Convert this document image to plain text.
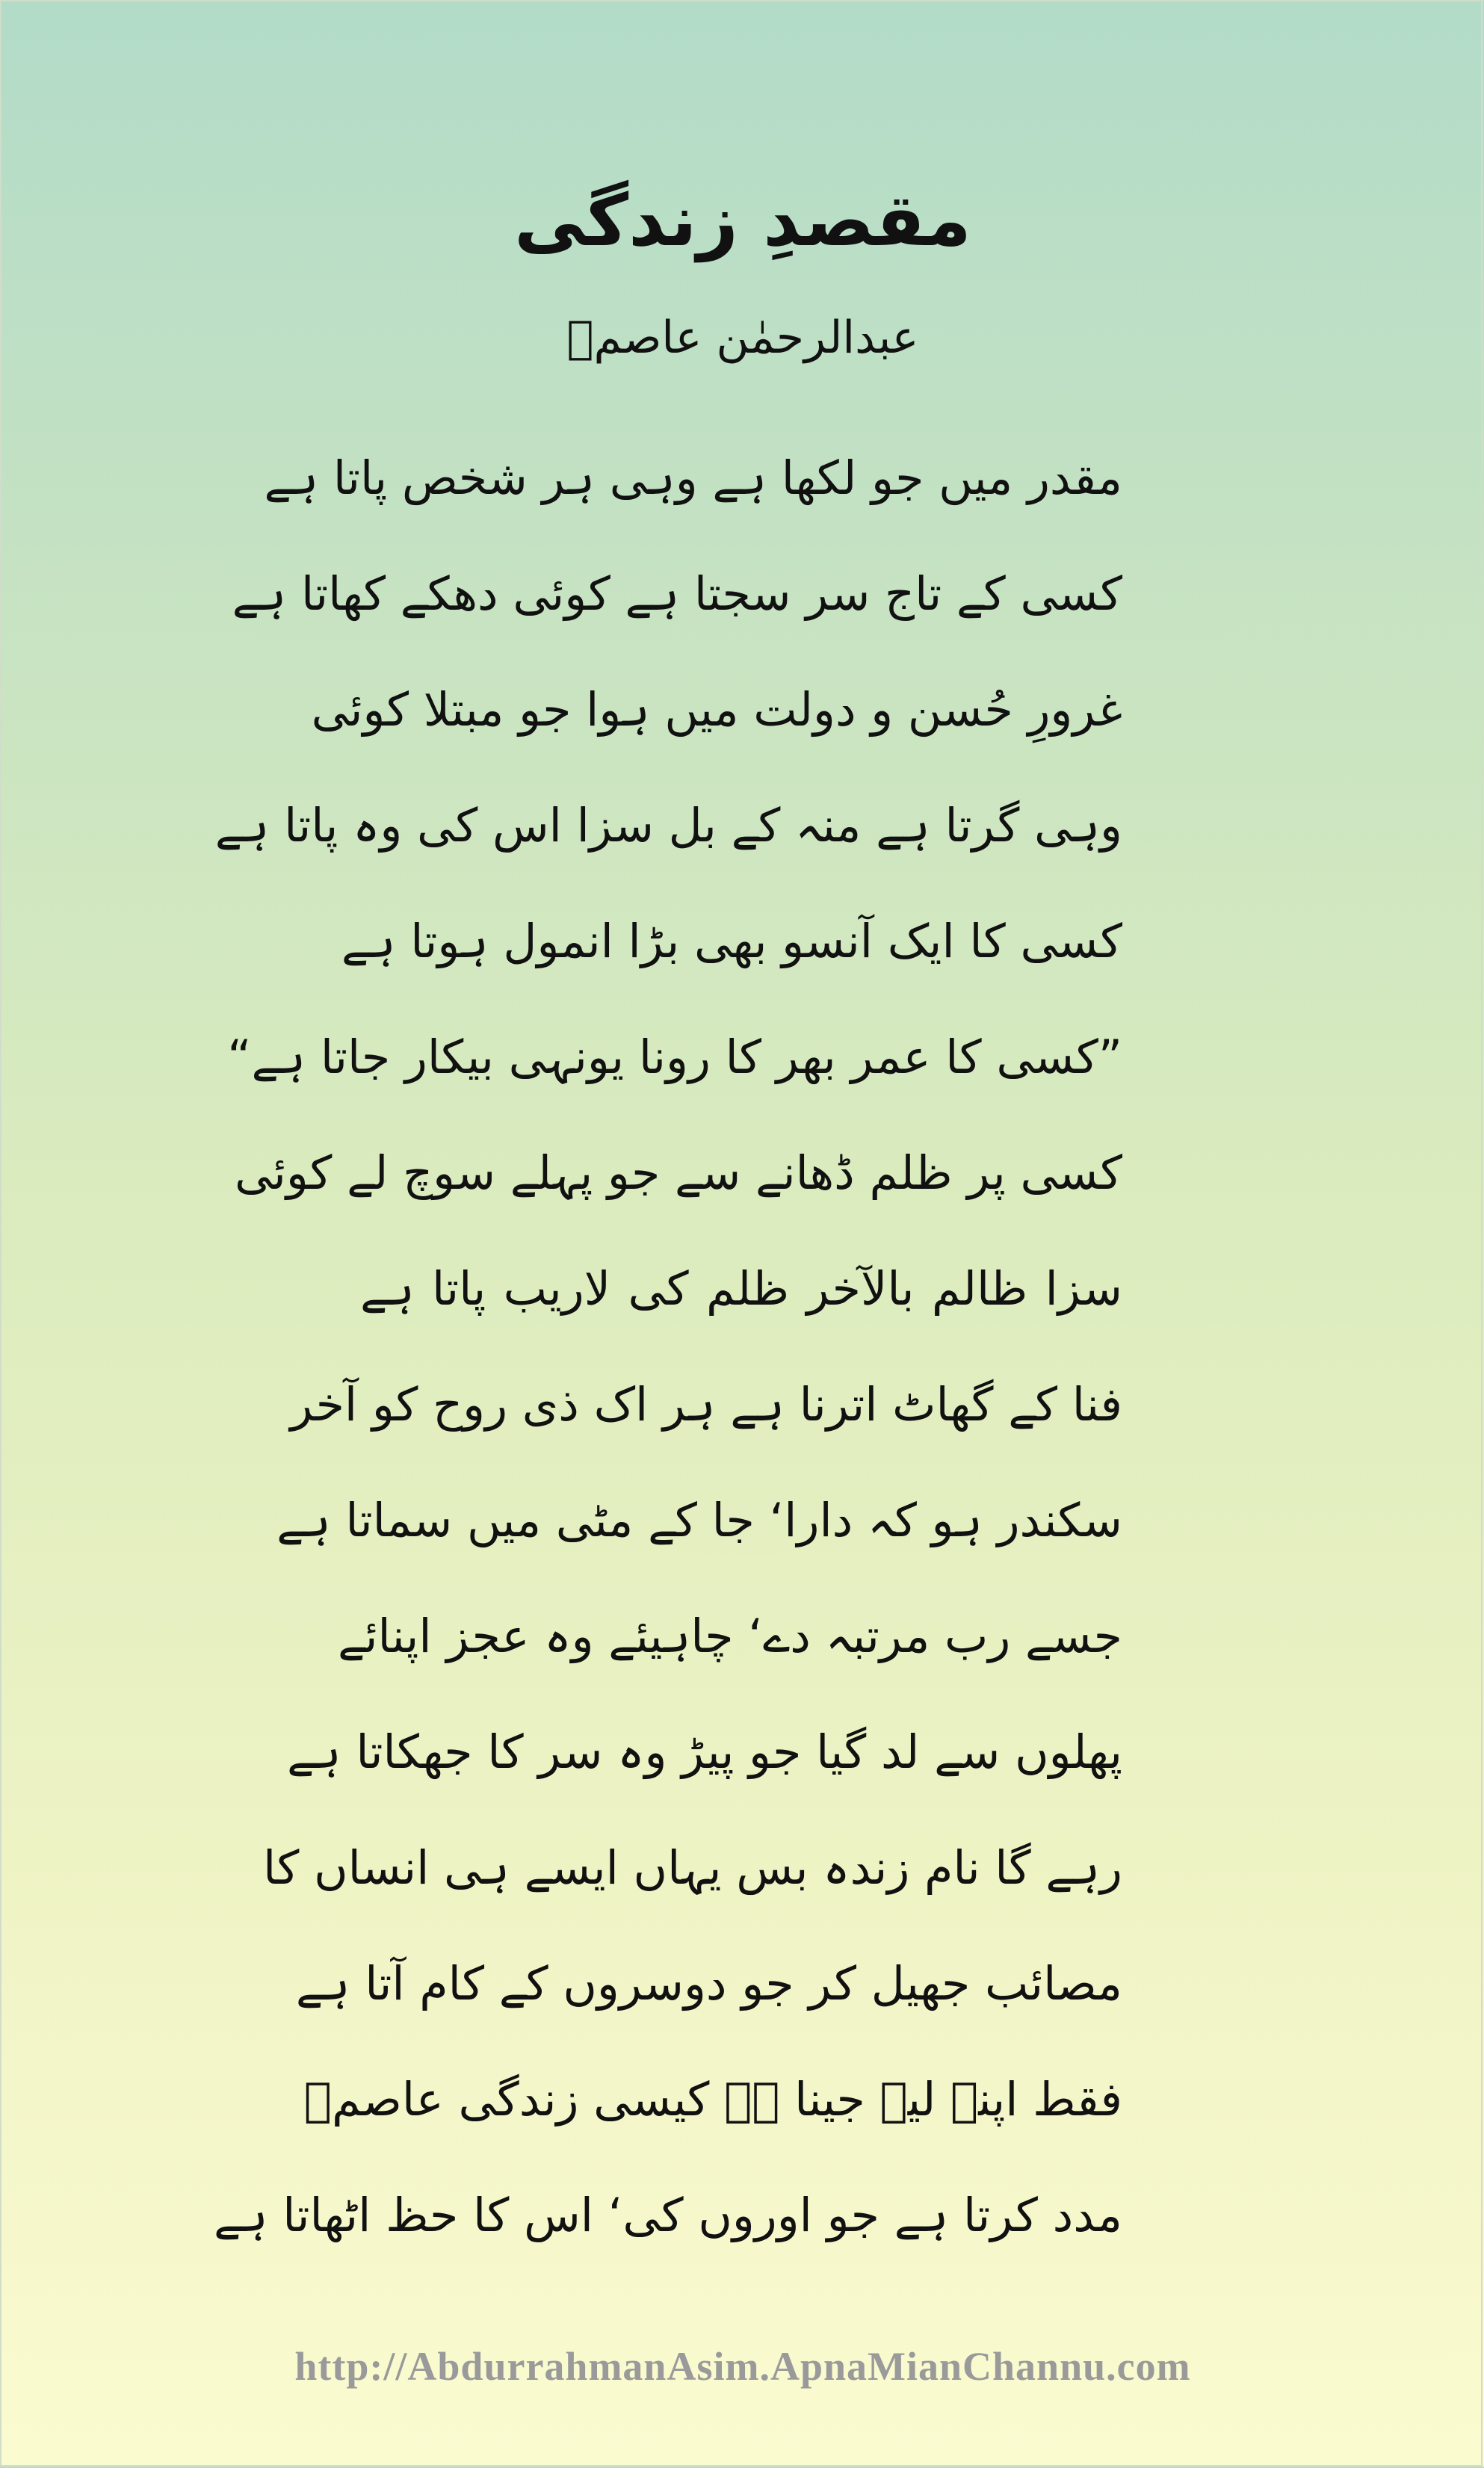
مقصدِ زندگی
عبدالرحمٰن عاصمؔ
مقدر میں جو لکھا ہے وہی ہر شخص پاتا ہے
کسی کے تاج سر سجتا ہے کوئی دھکے کھاتا ہے
غرورِ حُسن و دولت میں ہوا جو مبتلا کوئی
وہی گرتا ہے منہ کے بل سزا اس کی وہ پاتا ہے
کسی کا ایک آنسو بھی بڑا انمول ہوتا ہے
”کسی کا عمر بھر کا رونا یونہی بیکار جاتا ہے“
کسی پر ظلم ڈھانے سے جو پہلے سوچ لے کوئی
سزا ظالم بالآخر ظلم کی لاریب پاتا ہے
فنا کے گھاٹ اترنا ہے ہر اک ذی روح کو آخر
سکندر ہو کہ دارا‘ جا کے مٹی میں سماتا ہے
جسے رب مرتبہ دے‘ چاہیئے وہ عجز اپنائے
پھلوں سے لد گیا جو پیڑ وہ سر کا جھکاتا ہے
رہے گا نام زندہ بس یہاں ایسے ہی انساں کا
مصائب جھیل کر جو دوسروں کے کام آتا ہے
فقط اپنے لیے جینا ہے کیسی زندگی عاصمؔ
مدد کرتا ہے جو اوروں کی‘ اس کا حظ اٹھاتا ہے
http://AbdurrahmanAsim.ApnaMianChannu.com
